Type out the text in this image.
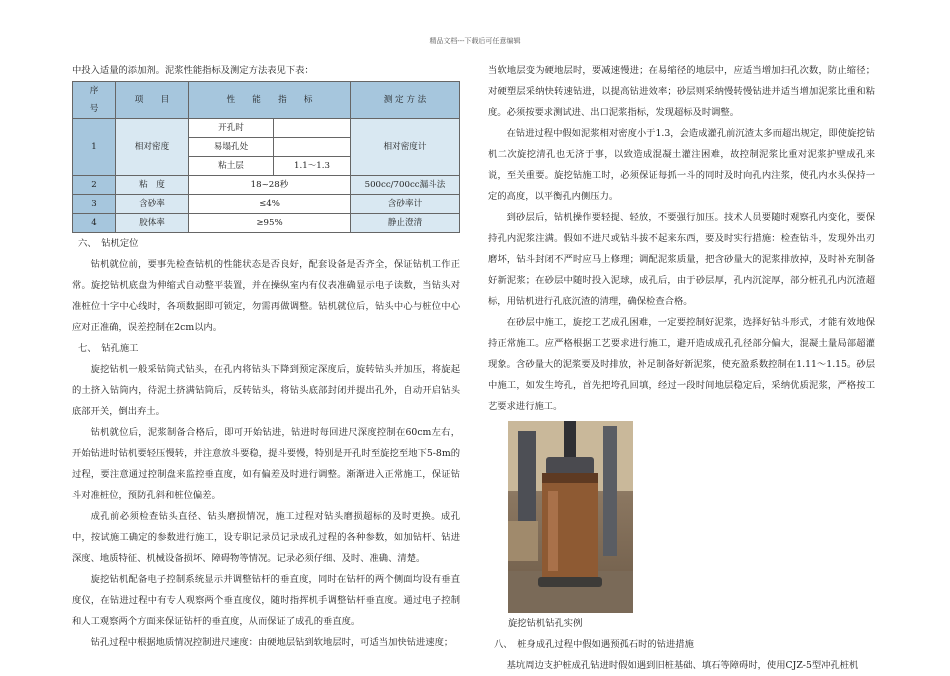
精品文档---下载后可任意编辑

中投入适量的添加剂。泥浆性能指标及测定方法表见下表：

序
号	项　　目	性　　能　　指　　标		测 定 方 法
1	相对密度	开孔时		相对密度计
		易塌孔处		
		粘土层	1.1～1.3	
2	粘　度	18~28秒		500cc/700cc漏斗法
3	含砂率	≤4%		含砂率计
4	胶体率	≥95%		静止澄清

六、　钻机定位

钻机就位前，要事先检查钻机的性能状态是否良好，配套设备是否齐全，保证钻机工作正常。旋挖钻机底盘为伸缩式自动整平装置，并在操纵室内有仪表准确显示电子读数，当钻头对准桩位十字中心线时，各项数据即可锁定，勿需再做调整。钻机就位后，钻头中心与桩位中心应对正准确，误差控制在2cm以内。

七、　钻孔施工

旋挖钻机一般采钻筒式钻头，在孔内将钻头下降到预定深度后，旋转钻头并加压，将旋起的土挤入钻筒内，待泥土挤满钻筒后，反转钻头，将钻头底部封闭并提出孔外，自动开启钻头底部开关，倒出弃土。

钻机就位后，泥浆制备合格后，即可开始钻进，钻进时每回进尺深度控制在60cm左右，开始钻进时钻机要轻压慢转，并注意放斗要稳，提斗要慢，特别是开孔时至旋挖至地下5-8m的过程，要注意通过控制盘来监控垂直度，如有偏差及时进行调整。渐渐进入正常施工，保证钻斗对准桩位，预防孔斜和桩位偏差。

成孔前必须检查钻头直径、钻头磨损情况，施工过程对钻头磨损超标的及时更换。成孔中，按试施工确定的参数进行施工，设专职记录员记录成孔过程的各种参数，如加钻杆、钻进深度、地质特征、机械设备损坏、障碍物等情况。记录必须仔细、及时、准确、清楚。

旋挖钻机配备电子控制系统显示并调整钻杆的垂直度，同时在钻杆的两个侧面均设有垂直度仪，在钻进过程中有专人观察两个垂直度仪，随时指挥机手调整钻杆垂直度。通过电子控制和人工观察两个方面来保证钻杆的垂直度，从而保证了成孔的垂直度。

钻孔过程中根据地质情况控制进尺速度：由硬地层钻到软地层时，可适当加快钻进速度；

当软地层变为硬地层时，要减速慢进；在易缩径的地层中，应适当增加扫孔次数，防止缩径；对硬塑层采纳快转速钻进，以提高钻进效率；砂层则采纳慢转慢钻进并适当增加泥浆比重和粘度。必须按要求测试进、出口泥浆指标，发现超标及时调整。

在钻进过程中假如泥浆相对密度小于1.3，会造成灌孔前沉渣太多而超出规定，即使旋挖钻机二次旋挖清孔也无济于事，以致造成混凝土灌注困难，故控制泥浆比重对泥浆护壁成孔来说，至关重要。旋挖钻施工时，必须保证每抓一斗的同时及时向孔内注浆，使孔内水头保持一定的高度，以平衡孔内侧压力。

到砂层后，钻机操作要轻提、轻放，不要强行加压。技术人员要随时观察孔内变化，要保持孔内泥浆注满。假如不进尺或钻斗拔不起来东西，要及时实行措施：检查钻斗，发现外出刃磨坏，钻斗封闭不严时应马上修理；调配泥浆质量，把含砂量大的泥浆排放掉，及时补充制备好新泥浆；在砂层中随时投入泥球，成孔后，由于砂层厚，孔内沉淀厚，部分桩孔孔内沉渣超标，用钻机进行孔底沉渣的清理，确保检查合格。

在砂层中施工，旋挖工艺成孔困难，一定要控制好泥浆，选择好钻斗形式，才能有效地保持正常施工。应严格根据工艺要求进行施工，避开造成成孔孔径部分偏大，混凝土量局部超灌现象。含砂量大的泥浆要及时排放，补足制备好新泥浆，使充盈系数控制在1.11～1.15。砂层中施工，如发生垮孔，首先把垮孔回填，经过一段时间地层稳定后，采纳优质泥浆，严格按工艺要求进行施工。

旋挖钻机钻孔实例

八、　桩身成孔过程中假如遇预孤石时的钻进措施

基坑周边支护桩成孔钻进时假如遇到旧桩基础、填石等障碍时，使用CJZ-5型冲孔桩机
